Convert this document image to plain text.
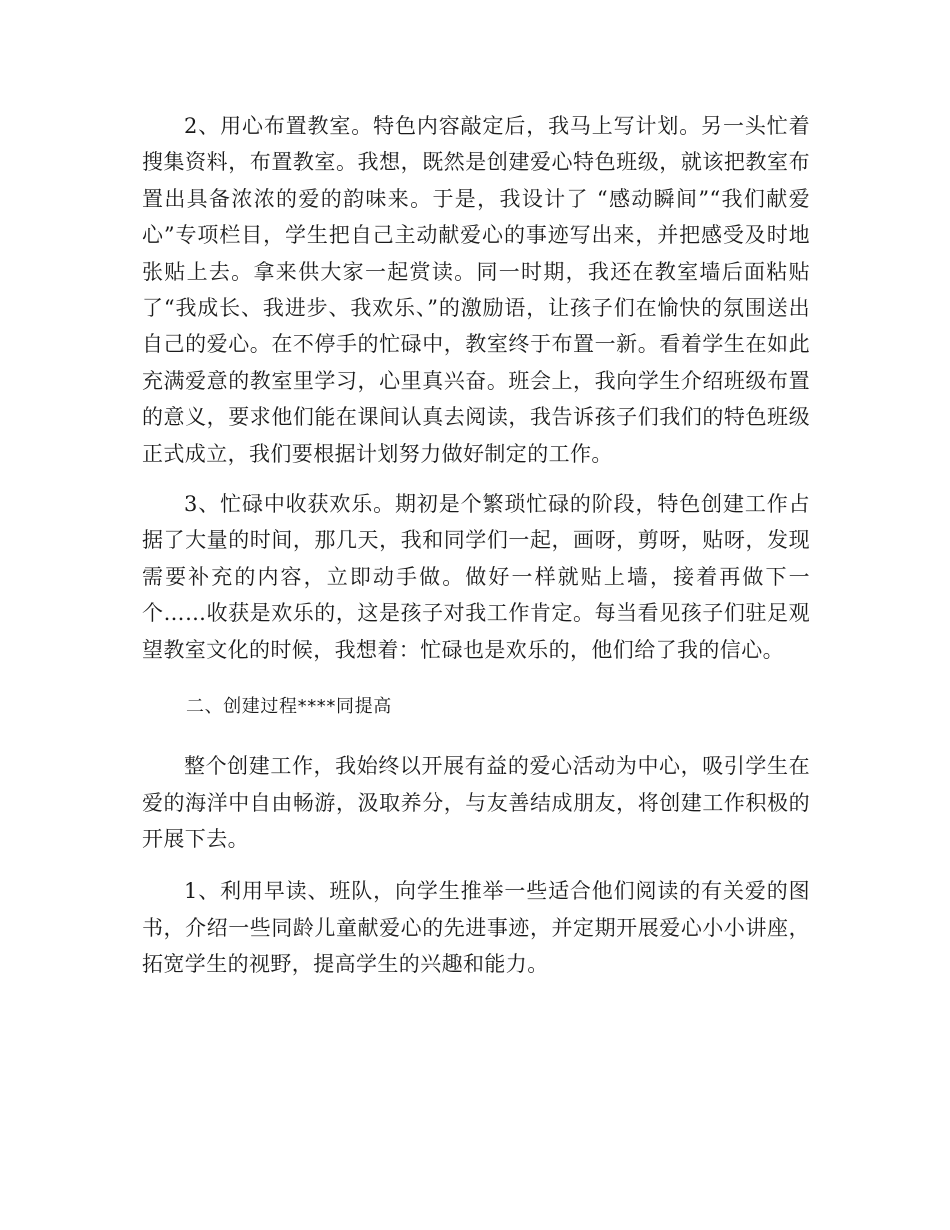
2、用心布置教室。特色内容敲定后，我马上写计划。另一头忙着搜集资料，布置教室。我想，既然是创建爱心特色班级，就该把教室布置出具备浓浓的爱的韵味来。于是，我设计了 “感动瞬间”“我们献爱心”专项栏目，学生把自己主动献爱心的事迹写出来，并把感受及时地张贴上去。拿来供大家一起赏读。同一时期，我还在教室墙后面粘贴了“我成长、我进步、我欢乐、”的激励语，让孩子们在愉快的氛围送出自己的爱心。在不停手的忙碌中，教室终于布置一新。看着学生在如此充满爱意的教室里学习，心里真兴奋。班会上，我向学生介绍班级布置的意义，要求他们能在课间认真去阅读，我告诉孩子们我们的特色班级正式成立，我们要根据计划努力做好制定的工作。

3、忙碌中收获欢乐。期初是个繁琐忙碌的阶段，特色创建工作占据了大量的时间，那几天，我和同学们一起，画呀，剪呀，贴呀，发现需要补充的内容，立即动手做。做好一样就贴上墙，接着再做下一个……收获是欢乐的，这是孩子对我工作肯定。每当看见孩子们驻足观望教室文化的时候，我想着：忙碌也是欢乐的，他们给了我的信心。

二、创建过程****同提高

整个创建工作，我始终以开展有益的爱心活动为中心，吸引学生在爱的海洋中自由畅游，汲取养分，与友善结成朋友，将创建工作积极的开展下去。

1、利用早读、班队，向学生推举一些适合他们阅读的有关爱的图书，介绍一些同龄儿童献爱心的先进事迹，并定期开展爱心小小讲座，拓宽学生的视野，提高学生的兴趣和能力。
